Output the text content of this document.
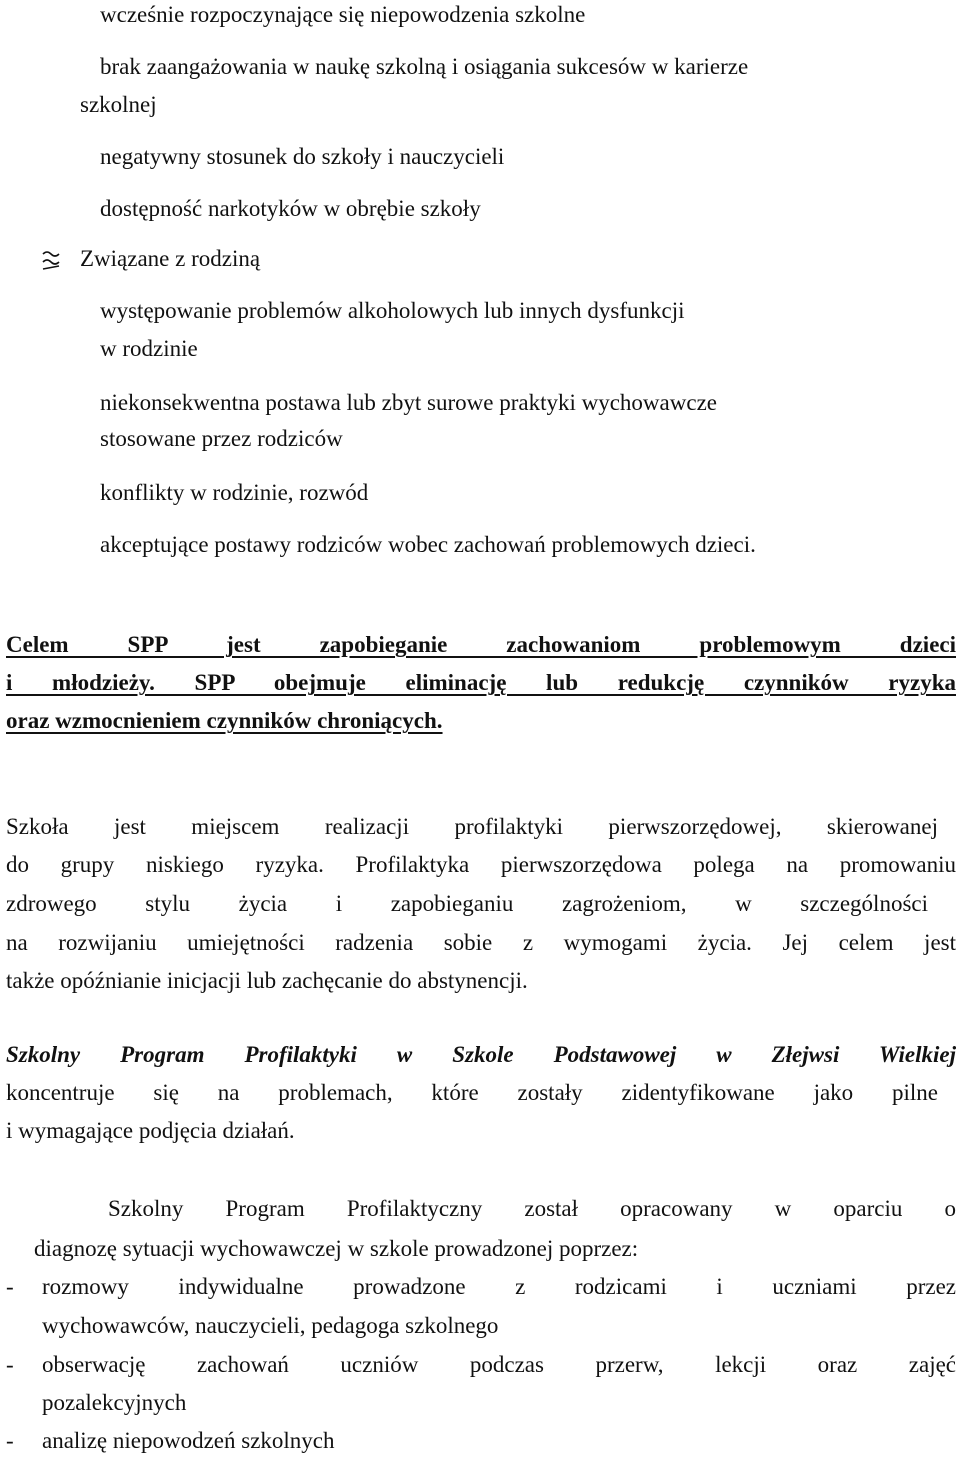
wcześnie rozpoczynające się niepowodzenia szkolne
brak zaangażowania w naukę szkolną i osiągania sukcesów w karierze
szkolnej
negatywny stosunek do szkoły i nauczycieli
dostępność narkotyków w obrębie szkoły
Związane z rodziną
występowanie problemów alkoholowych lub innych dysfunkcji
w rodzinie
niekonsekwentna postawa lub zbyt surowe praktyki wychowawcze
stosowane przez rodziców
konflikty w rodzinie, rozwód
akceptujące postawy rodziców wobec zachowań problemowych dzieci.
Celem SPP jest zapobieganie zachowaniom problemowym dzieci
i młodzieży. SPP obejmuje eliminację lub redukcję czynników ryzyka
oraz wzmocnieniem czynników chroniących.
Szkoła jest miejscem realizacji profilaktyki pierwszorzędowej, skierowanej
do grupy niskiego ryzyka. Profilaktyka pierwszorzędowa polega na promowaniu
zdrowego stylu życia i zapobieganiu zagrożeniom, w szczególności
na rozwijaniu umiejętności radzenia sobie z wymogami życia. Jej celem jest
także opóźnianie inicjacji lub zachęcanie do abstynencji.
Szkolny Program Profilaktyki w Szkole Podstawowej w Złejwsi Wielkiej
koncentruje się na problemach, które zostały zidentyfikowane jako pilne
i wymagające podjęcia działań.
Szkolny Program Profilaktyczny został opracowany w oparciu o
diagnozę sytuacji wychowawczej w szkole prowadzonej poprzez:
- rozmowy indywidualne prowadzone z rodzicami i uczniami przez
wychowawców, nauczycieli, pedagoga szkolnego
- obserwację zachowań uczniów podczas przerw, lekcji oraz zajęć
pozalekcyjnych
- analizę niepowodzeń szkolnych
